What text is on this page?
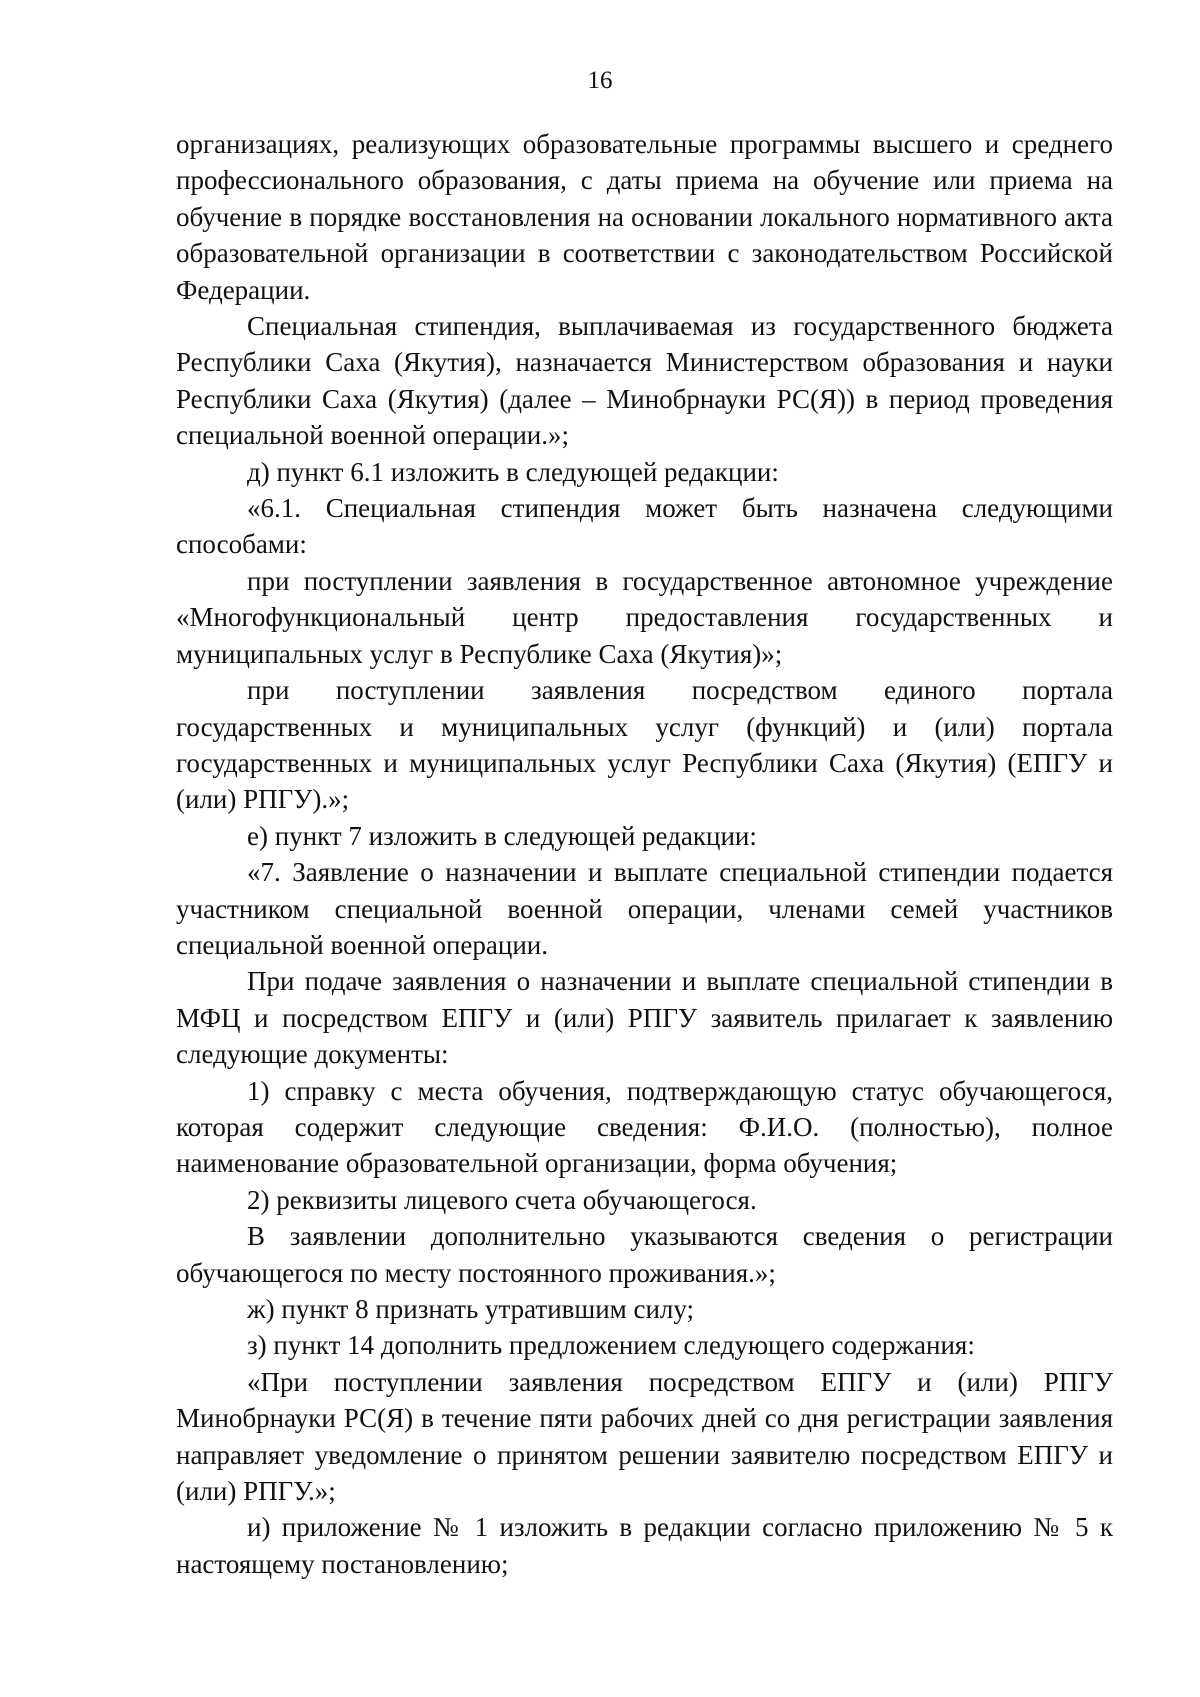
16

организациях, реализующих образовательные программы высшего и среднего профессионального образования, с даты приема на обучение или приема на обучение в порядке восстановления на основании локального нормативного акта образовательной организации в соответствии с законодательством Российской Федерации.

Специальная стипендия, выплачиваемая из государственного бюджета Республики Саха (Якутия), назначается Министерством образования и науки Республики Саха (Якутия) (далее – Минобрнауки РС(Я)) в период проведения специальной военной операции.»;

д) пункт 6.1 изложить в следующей редакции:

«6.1. Специальная стипендия может быть назначена следующими способами:

при поступлении заявления в государственное автономное учреждение «Многофункциональный центр предоставления государственных и муниципальных услуг в Республике Саха (Якутия)»;

при поступлении заявления посредством единого портала государственных и муниципальных услуг (функций) и (или) портала государственных и муниципальных услуг Республики Саха (Якутия) (ЕПГУ и (или) РПГУ).»;

е) пункт 7 изложить в следующей редакции:

«7. Заявление о назначении и выплате специальной стипендии подается участником специальной военной операции, членами семей участников специальной военной операции.

При подаче заявления о назначении и выплате специальной стипендии в МФЦ и посредством ЕПГУ и (или) РПГУ заявитель прилагает к заявлению следующие документы:

1) справку с места обучения, подтверждающую статус обучающегося, которая содержит следующие сведения: Ф.И.О. (полностью), полное наименование образовательной организации, форма обучения;

2) реквизиты лицевого счета обучающегося.

В заявлении дополнительно указываются сведения о регистрации обучающегося по месту постоянного проживания.»;

ж) пункт 8 признать утратившим силу;

з) пункт 14 дополнить предложением следующего содержания:

«При поступлении заявления посредством ЕПГУ и (или) РПГУ Минобрнауки РС(Я) в течение пяти рабочих дней со дня регистрации заявления направляет уведомление о принятом решении заявителю посредством ЕПГУ и (или) РПГУ.»;

и) приложение № 1 изложить в редакции согласно приложению № 5 к настоящему постановлению;
